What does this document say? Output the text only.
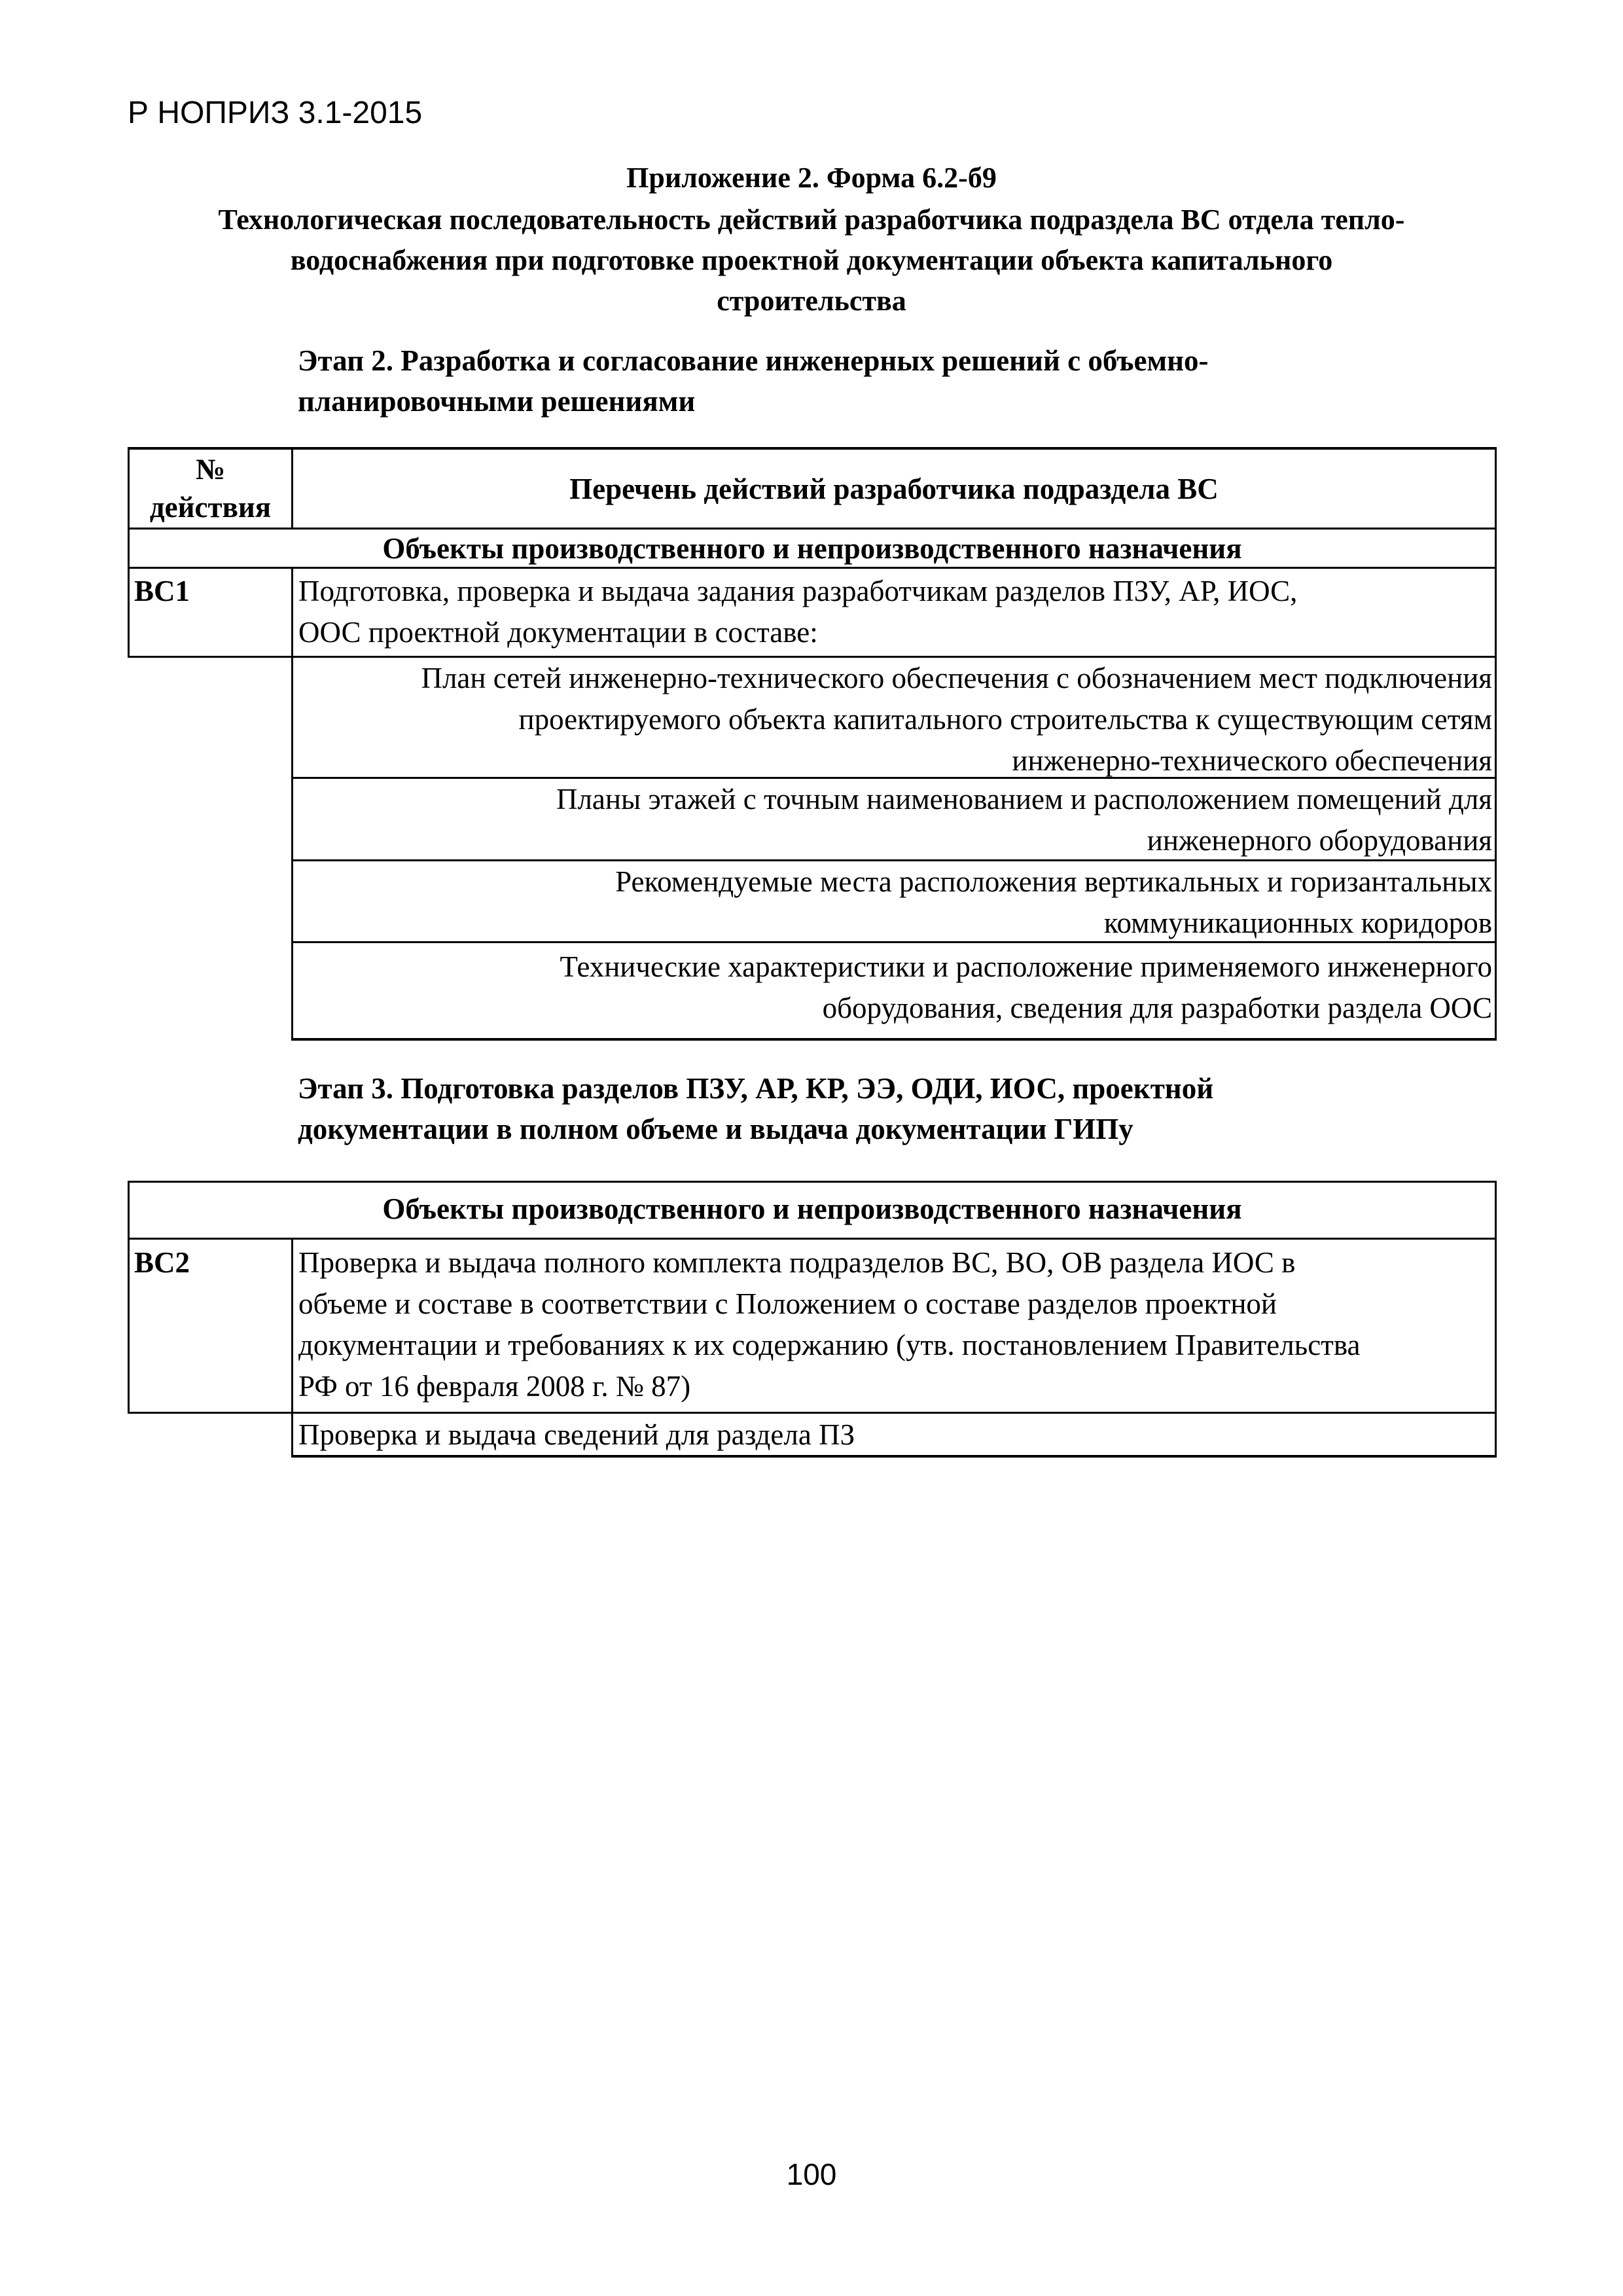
Р НОПРИЗ 3.1-2015
Приложение 2. Форма 6.2-б9
Технологическая последовательность действий разработчика подраздела ВС отдела тепло-
водоснабжения при подготовке проектной документации объекта капитального
строительства
Этап 2. Разработка и согласование инженерных решений с объемно-
планировочными решениями
№
действия
Перечень действий разработчика подраздела ВС
Объекты производственного и непроизводственного назначения
ВС1	Подготовка, проверка и выдача задания разработчикам разделов ПЗУ, АР, ИОС,
ООС проектной документации в составе:
План сетей инженерно-технического обеспечения с обозначением мест подключения
проектируемого объекта капитального строительства к существующим сетям
инженерно-технического обеспечения
Планы этажей с точным наименованием и расположением помещений для
инженерного оборудования
Рекомендуемые места расположения вертикальных и горизантальных
коммуникационных коридоров
Технические характеристики и расположение применяемого инженерного
оборудования, сведения для разработки раздела ООС
Этап 3. Подготовка разделов ПЗУ, АР, КР, ЭЭ, ОДИ, ИОС, проектной
документации в полном объеме и выдача документации ГИПу
Объекты производственного и непроизводственного назначения
ВС2	Проверка и выдача полного комплекта подразделов ВС, ВО, ОВ раздела ИОС в
объеме и составе в соответствии с Положением о составе разделов проектной
документации и требованиях к их содержанию (утв. постановлением Правительства
РФ от 16 февраля 2008 г. № 87)
Проверка и выдача сведений для раздела ПЗ
100
